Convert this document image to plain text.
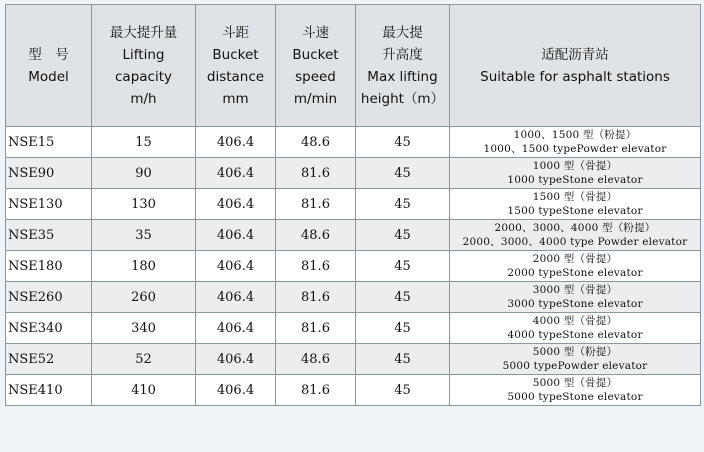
型　号
Model	最大提升量
Lifting
capacity
m/h	斗距
Bucket
distance
mm	斗速
Bucket
speed
m/min	最大提
升高度
Max lifting
height（m）	适配沥青站
Suitable for asphalt stations

NSE15	15	406.4	48.6	45	1000、1500 型（粉提）
1000、1500 typePowder elevator

NSE90	90	406.4	81.6	45	1000 型（骨提）
1000 typeStone elevator

NSE130	130	406.4	81.6	45	1500 型（骨提）
1500 typeStone elevator

NSE35	35	406.4	48.6	45	2000、3000、4000 型（粉提）
2000、3000、4000 type Powder elevator

NSE180	180	406.4	81.6	45	2000 型（骨提）
2000 typeStone elevator

NSE260	260	406.4	81.6	45	3000 型（骨提）
3000 typeStone elevator

NSE340	340	406.4	81.6	45	4000 型（骨提）
4000 typeStone elevator

NSE52	52	406.4	48.6	45	5000 型（粉提）
5000 typePowder elevator

NSE410	410	406.4	81.6	45	5000 型（骨提）
5000 typeStone elevator
